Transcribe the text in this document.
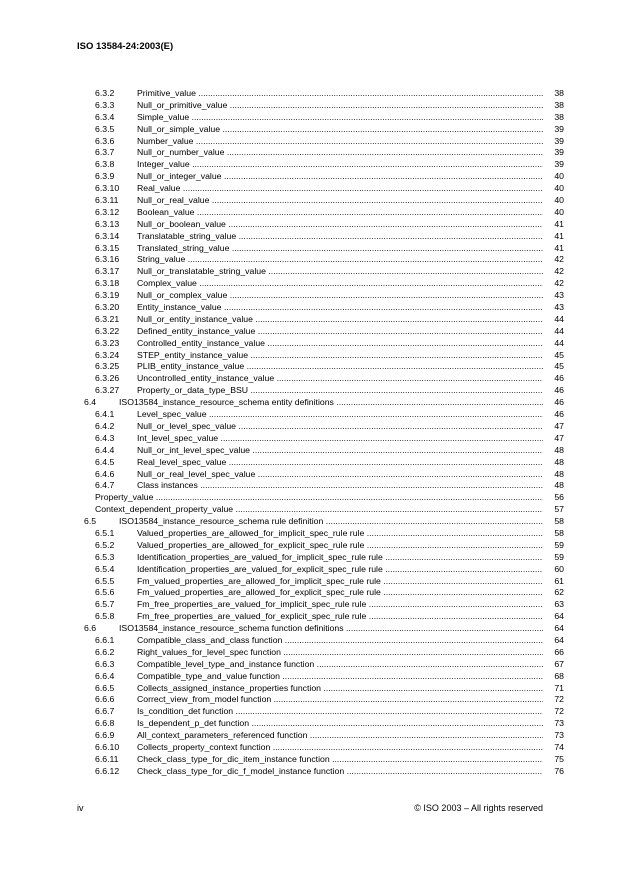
ISO 13584-24:2003(E)
6.3.2	Primitive_value .....	38
6.3.3	Null_or_primitive_value .....	38
6.3.4	Simple_value .....	38
6.3.5	Null_or_simple_value .....	39
6.3.6	Number_value .....	39
6.3.7	Null_or_number_value .....	39
6.3.8	Integer_value .....	39
6.3.9	Null_or_integer_value .....	40
6.3.10 Real_value .....	40
6.3.11 Null_or_real_value .....	40
6.3.12 Boolean_value .....	40
6.3.13 Null_or_boolean_value .....	41
6.3.14 Translatable_string_value .....	41
6.3.15 Translated_string_value .....	41
6.3.16 String_value .....	42
6.3.17 Null_or_translatable_string_value .....	42
6.3.18 Complex_value .....	42
6.3.19 Null_or_complex_value .....	43
6.3.20 Entity_instance_value .....	43
6.3.21 Null_or_entity_instance_value .....	44
6.3.22 Defined_entity_instance_value .....	44
6.3.23 Controlled_entity_instance_value .....	44
6.3.24 STEP_entity_instance_value .....	45
6.3.25 PLIB_entity_instance_value .....	45
6.3.26 Uncontrolled_entity_instance_value .....	46
6.3.27 Property_or_data_type_BSU .....	46
6.4	ISO13584_instance_resource_schema entity definitions .....	46
6.4.1	Level_spec_value .....	46
6.4.2	Null_or_level_spec_value .....	47
6.4.3	Int_level_spec_value .....	47
6.4.4	Null_or_int_level_spec_value .....	48
6.4.5	Real_level_spec_value .....	48
6.4.6	Null_or_real_level_spec_value .....	48
6.4.7	Class instances .....	48
Property_value .....	56
Context_dependent_property_value .....	57
6.5	ISO13584_instance_resource_schema rule definition .....	58
6.5.1	Valued_properties_are_allowed_for_implicit_spec_rule rule .....	58
6.5.2	Valued_properties_are_allowed_for_explicit_spec_rule rule .....	59
6.5.3	Identification_properties_are_valued_for_implicit_spec_rule rule .....	59
6.5.4	Identification_properties_are_valued_for_explicit_spec_rule rule .....	60
6.5.5	Fm_valued_properties_are_allowed_for_implicit_spec_rule rule .....	61
6.5.6	Fm_valued_properties_are_allowed_for_explicit_spec_rule rule .....	62
6.5.7	Fm_free_properties_are_valued_for_implicit_spec_rule rule .....	63
6.5.8	Fm_free_properties_are_valued_for_explicit_spec_rule rule .....	64
6.6	ISO13584_instance_resource_schema function definitions .....	64
6.6.1	Compatible_class_and_class function .....	64
6.6.2	Right_values_for_level_spec function .....	66
6.6.3	Compatible_level_type_and_instance function .....	67
6.6.4	Compatible_type_and_value function .....	68
6.6.5	Collects_assigned_instance_properties function .....	71
6.6.6	Correct_view_from_model function .....	72
6.6.7	Is_condition_det function .....	72
6.6.8	Is_dependent_p_det function .....	73
6.6.9	All_context_parameters_referenced function .....	73
6.6.10 Collects_property_context function .....	74
6.6.11 Check_class_type_for_dic_item_instance function .....	75
6.6.12 Check_class_type_for_dic_f_model_instance function .....	76
iv	© ISO 2003 – All rights reserved
